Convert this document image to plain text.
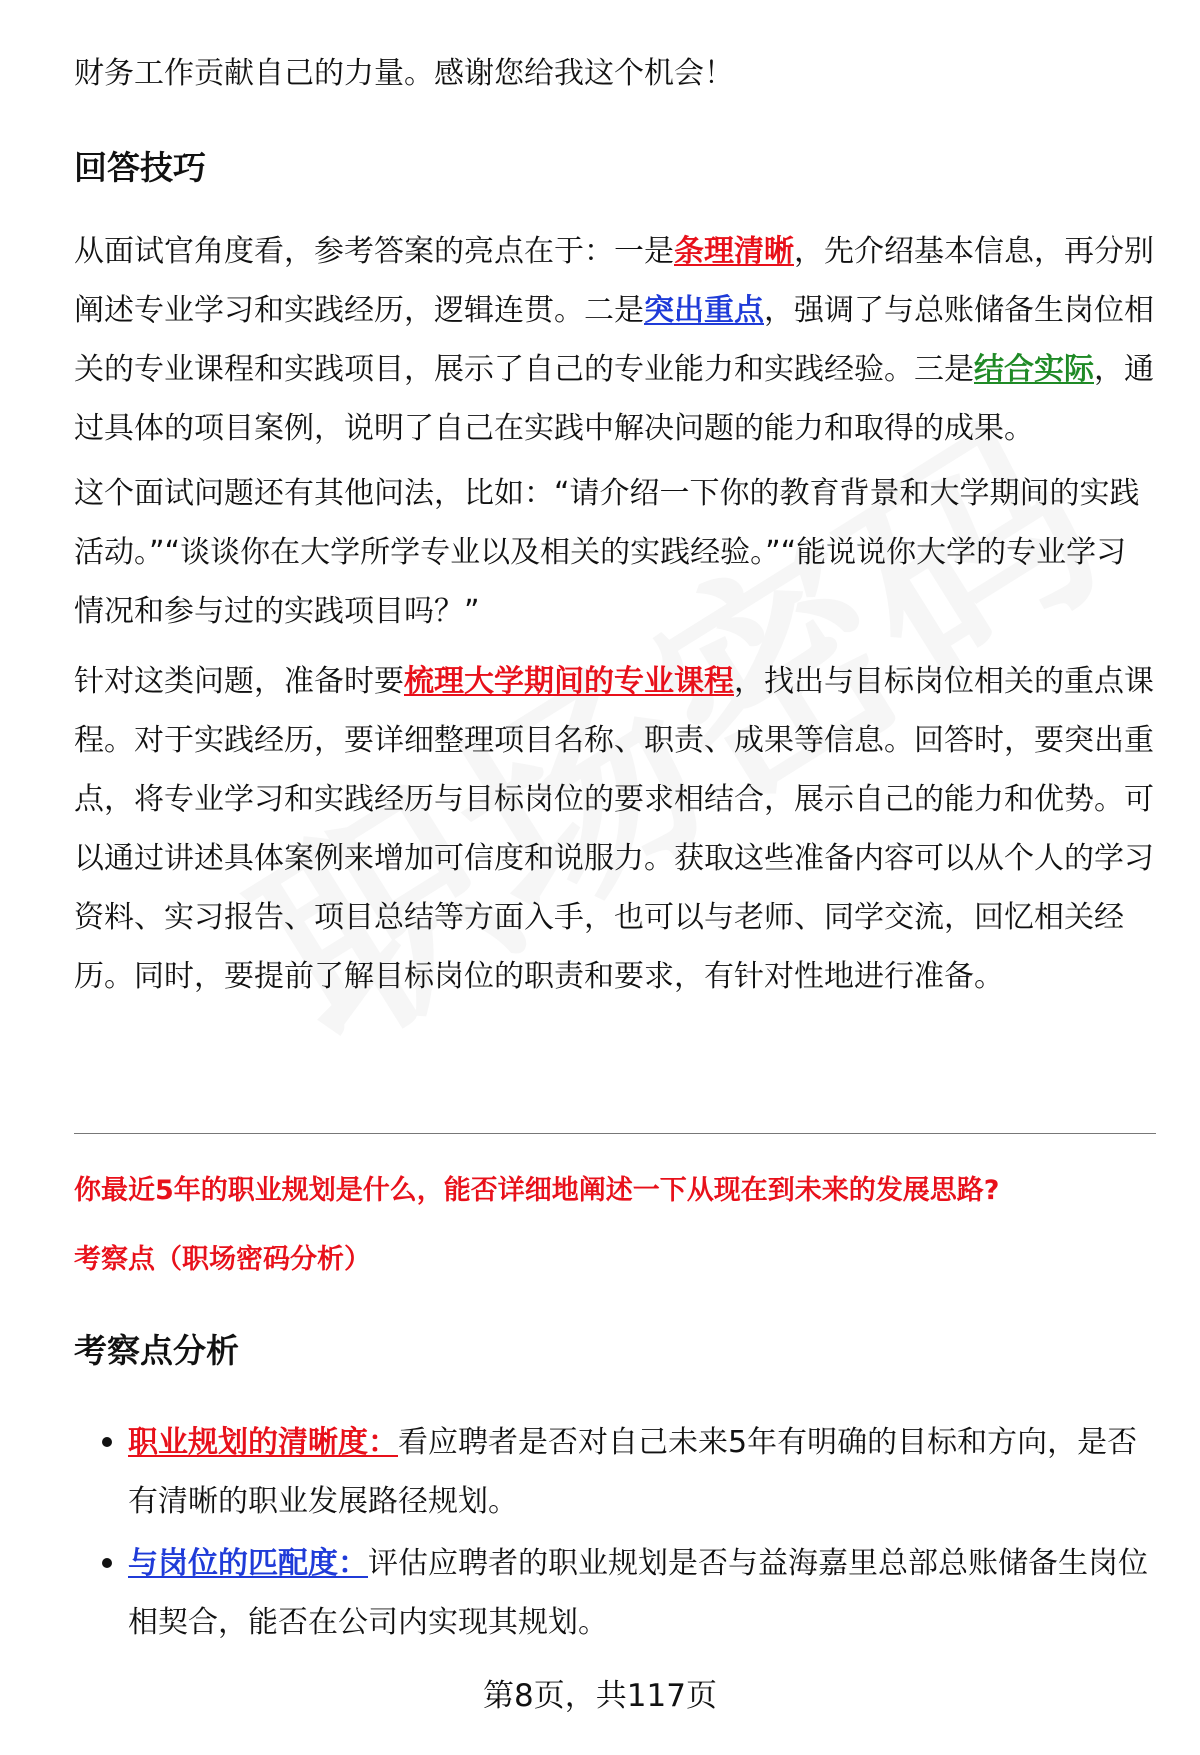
财务工作贡献自己的力量。感谢您给我这个机会！

回答技巧

从面试官角度看，参考答案的亮点在于：一是条理清晰，先介绍基本信息，再分别阐述专业学习和实践经历，逻辑连贯。二是突出重点，强调了与总账储备生岗位相关的专业课程和实践项目，展示了自己的专业能力和实践经验。三是结合实际，通过具体的项目案例，说明了自己在实践中解决问题的能力和取得的成果。

这个面试问题还有其他问法，比如：“请介绍一下你的教育背景和大学期间的实践活动。”“谈谈你在大学所学专业以及相关的实践经验。”“能说说你大学的专业学习情况和参与过的实践项目吗？”

针对这类问题，准备时要梳理大学期间的专业课程，找出与目标岗位相关的重点课程。对于实践经历，要详细整理项目名称、职责、成果等信息。回答时，要突出重点，将专业学习和实践经历与目标岗位的要求相结合，展示自己的能力和优势。可以通过讲述具体案例来增加可信度和说服力。获取这些准备内容可以从个人的学习资料、实习报告、项目总结等方面入手，也可以与老师、同学交流，回忆相关经历。同时，要提前了解目标岗位的职责和要求，有针对性地进行准备。

你最近5年的职业规划是什么，能否详细地阐述一下从现在到未来的发展思路?

考察点（职场密码分析）

考察点分析

职业规划的清晰度：看应聘者是否对自己未来5年有明确的目标和方向，是否有清晰的职业发展路径规划。

与岗位的匹配度：评估应聘者的职业规划是否与益海嘉里总部总账储备生岗位相契合，能否在公司内实现其规划。

第8页，共117页
